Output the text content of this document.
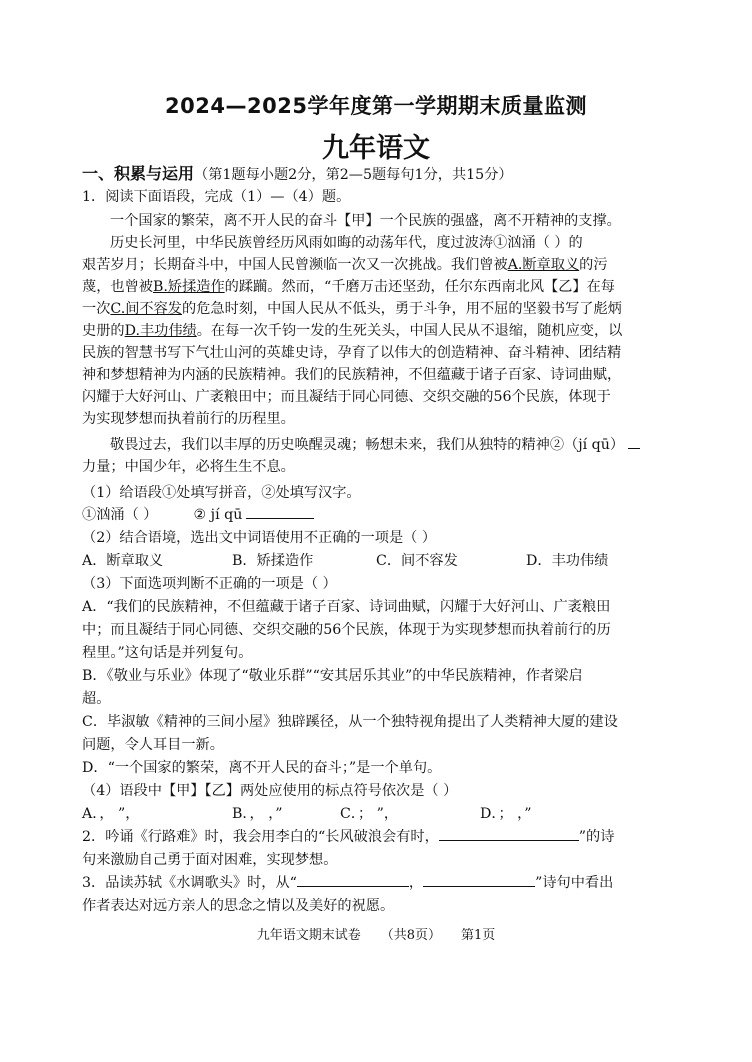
2024—2025学年度第一学期期末质量监测
九年语文
一、积累与运用（第1题每小题2分，第2—5题每句1分，共15分）
1．阅读下面语段，完成（1）—（4）题。
一个国家的繁荣，离不开人民的奋斗【甲】一个民族的强盛，离不开精神的支撑。
历史长河里，中华民族曾经历风雨如晦的动荡年代，度过波涛①汹涌（ ）的
艰苦岁月；长期奋斗中，中国人民曾濒临一次又一次挑战。我们曾被A.断章取义的污
蔑，也曾被B.矫揉造作的蹂躏。然而，“千磨万击还坚劲，任尔东西南北风【乙】在每
一次C.间不容发的危急时刻，中国人民从不低头，勇于斗争，用不屈的坚毅书写了彪炳
史册的D.丰功伟绩。在每一次千钧一发的生死关头，中国人民从不退缩，随机应变，以
民族的智慧书写下气壮山河的英雄史诗，孕育了以伟大的创造精神、奋斗精神、团结精
神和梦想精神为内涵的民族精神。我们的民族精神，不但蕴藏于诸子百家、诗词曲赋，
闪耀于大好河山、广袤粮田中；而且凝结于同心同德、交织交融的56个民族，体现于
为实现梦想而执着前行的历程里。
敬畏过去，我们以丰厚的历史唤醒灵魂；畅想未来，我们从独特的精神②（jí qū）
力量；中国少年，必将生生不息。
（1）给语段①处填写拼音，②处填写汉字。
①汹涌（ ）	② jí qū
（2）结合语境，选出文中词语使用不正确的一项是（ ）
A．断章取义	B．矫揉造作	C．间不容发	D．丰功伟绩
（3）下面选项判断不正确的一项是（ ）
A．“我们的民族精神，不但蕴藏于诸子百家、诗词曲赋，闪耀于大好河山、广袤粮田
中；而且凝结于同心同德、交织交融的56个民族，体现于为实现梦想而执着前行的历
程里。”这句话是并列复句。
B．《敬业与乐业》体现了“敬业乐群”“安其居乐其业”的中华民族精神，作者梁启
超。
C．毕淑敏《精神的三间小屋》独辟蹊径，从一个独特视角提出了人类精神大厦的建设
问题，令人耳目一新。
D．“一个国家的繁荣，离不开人民的奋斗；”是一个单句。
（4）语段中【甲】【乙】两处应使用的标点符号依次是（ ）
A．， ”，	B．， ，”	C．； ”，	D．； ，”
2．吟诵《行路难》时，我会用李白的“长风破浪会有时，	”的诗
句来激励自己勇于面对困难，实现梦想。
3．品读苏轼《水调歌头》时，从“	，	”诗句中看出
作者表达对远方亲人的思念之情以及美好的祝愿。
九年语文期末试卷 （共8页） 第1页
